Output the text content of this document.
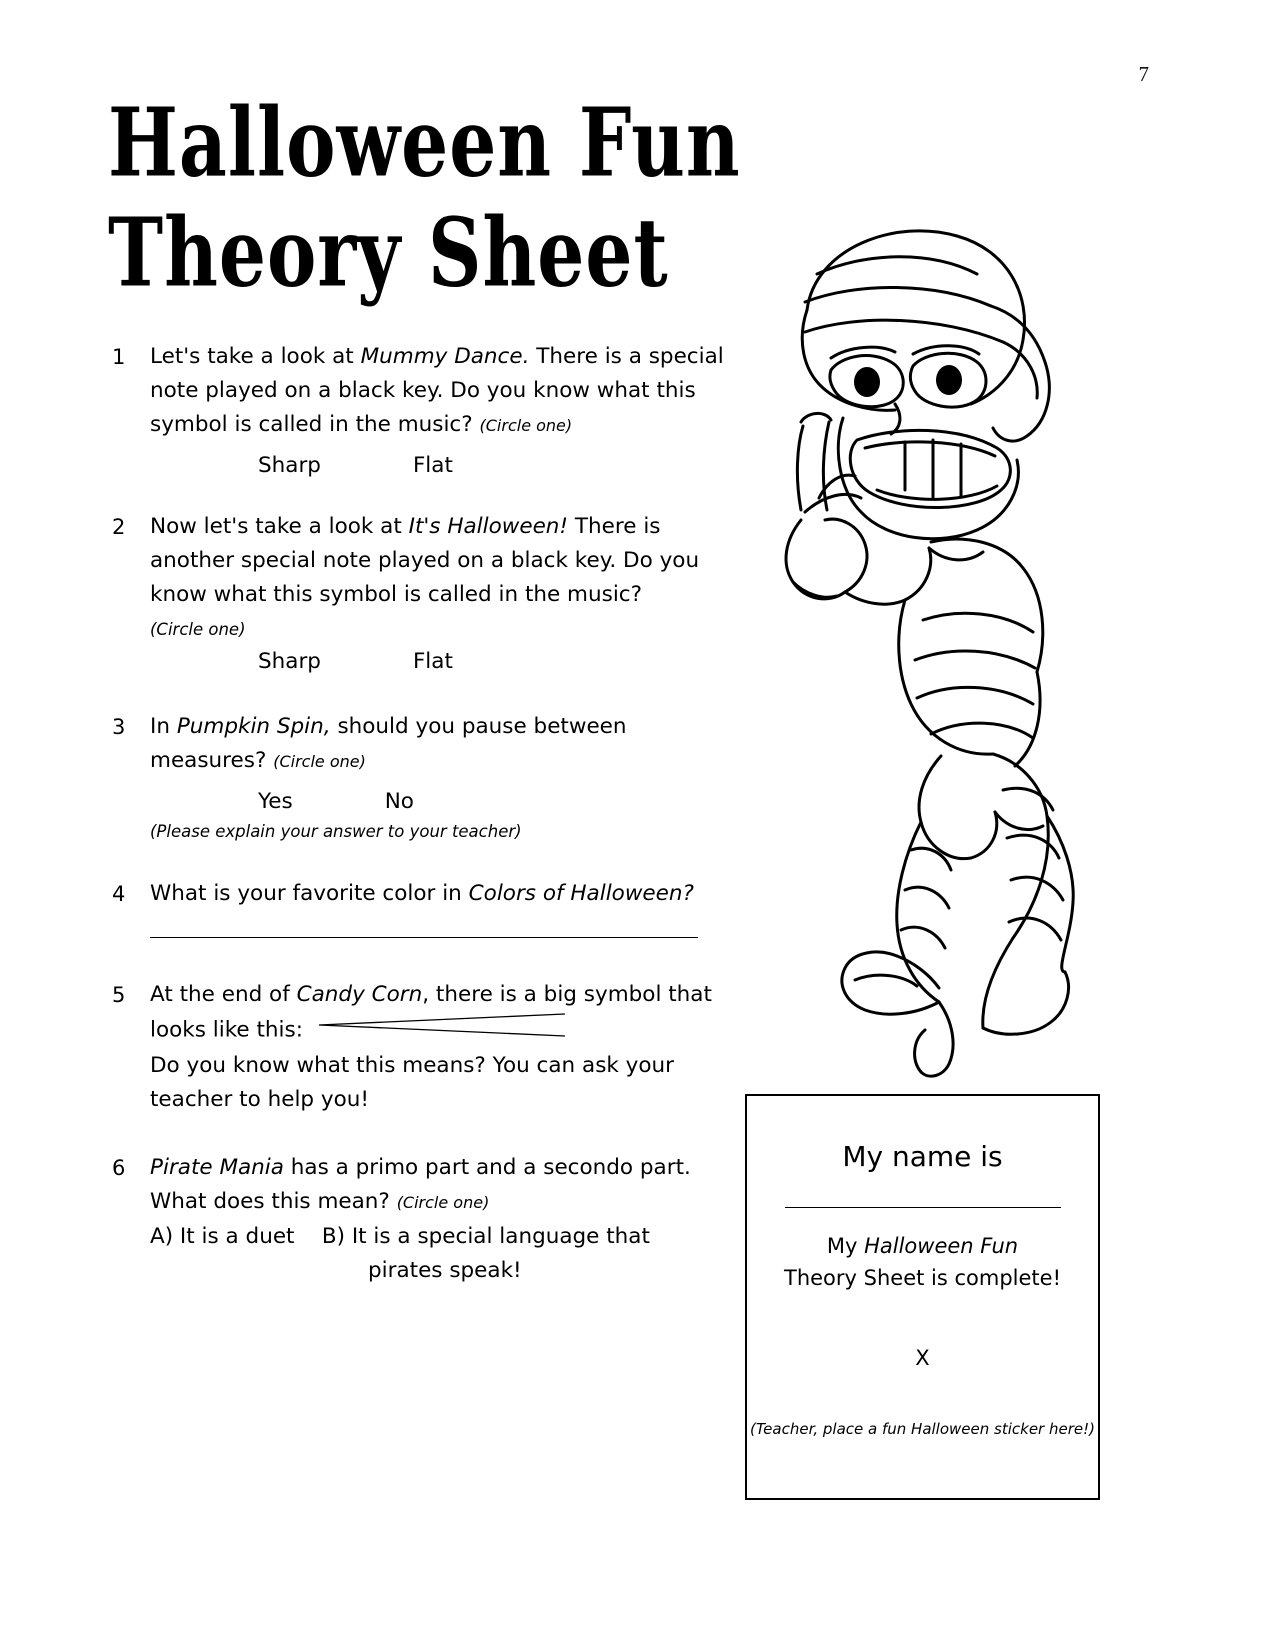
7
Halloween Fun
Theory Sheet
1 Let's take a look at Mummy Dance. There is a special note played on a black key. Do you know what this symbol is called in the music? (Circle one)
Sharp	Flat
2 Now let's take a look at It's Halloween! There is another special note played on a black key. Do you know what this symbol is called in the music?
(Circle one)
Sharp	Flat
3 In Pumpkin Spin, should you pause between measures? (Circle one)
Yes	No
(Please explain your answer to your teacher)
4 What is your favorite color in Colors of Halloween?
5 At the end of Candy Corn, there is a big symbol that looks like this:
Do you know what this means? You can ask your teacher to help you!
6 Pirate Mania has a primo part and a secondo part. What does this mean? (Circle one)
A) It is a duet B) It is a special language that
pirates speak!
My name is
My Halloween Fun
Theory Sheet is complete!
X
(Teacher, place a fun Halloween sticker here!)
